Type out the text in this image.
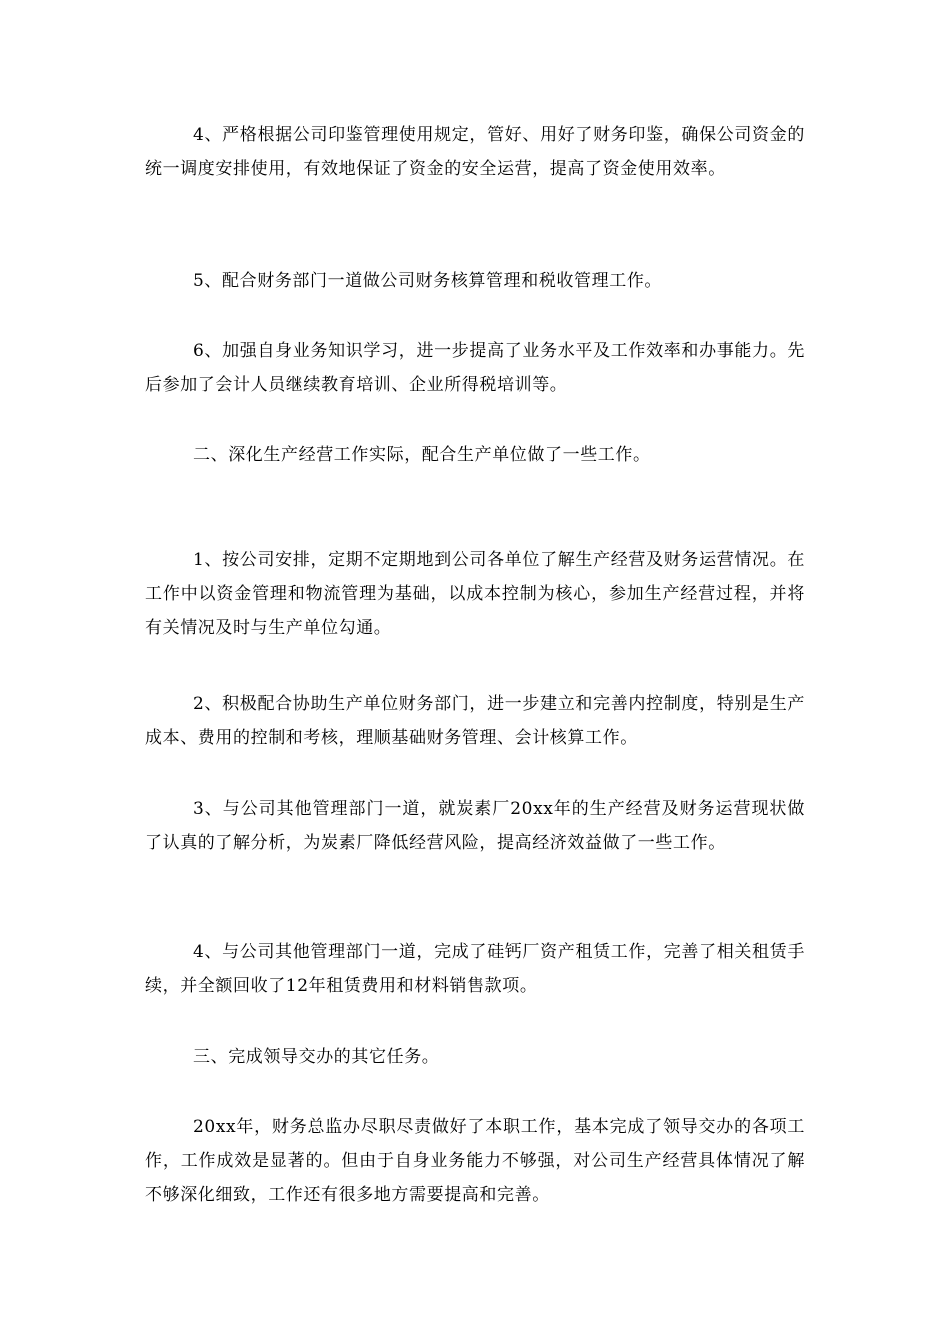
4、严格根据公司印鉴管理使用规定，管好、用好了财务印鉴，确保公司资金的统一调度安排使用，有效地保证了资金的安全运营，提高了资金使用效率。

5、配合财务部门一道做公司财务核算管理和税收管理工作。

6、加强自身业务知识学习，进一步提高了业务水平及工作效率和办事能力。先后参加了会计人员继续教育培训、企业所得税培训等。

二、深化生产经营工作实际，配合生产单位做了一些工作。

1、按公司安排，定期不定期地到公司各单位了解生产经营及财务运营情况。在工作中以资金管理和物流管理为基础，以成本控制为核心，参加生产经营过程，并将有关情况及时与生产单位勾通。

2、积极配合协助生产单位财务部门，进一步建立和完善内控制度，特别是生产成本、费用的控制和考核，理顺基础财务管理、会计核算工作。

3、与公司其他管理部门一道，就炭素厂20xx年的生产经营及财务运营现状做了认真的了解分析，为炭素厂降低经营风险，提高经济效益做了一些工作。

4、与公司其他管理部门一道，完成了硅钙厂资产租赁工作，完善了相关租赁手续，并全额回收了12年租赁费用和材料销售款项。

三、完成领导交办的其它任务。

20xx年，财务总监办尽职尽责做好了本职工作，基本完成了领导交办的各项工作，工作成效是显著的。但由于自身业务能力不够强，对公司生产经营具体情况了解不够深化细致，工作还有很多地方需要提高和完善。
